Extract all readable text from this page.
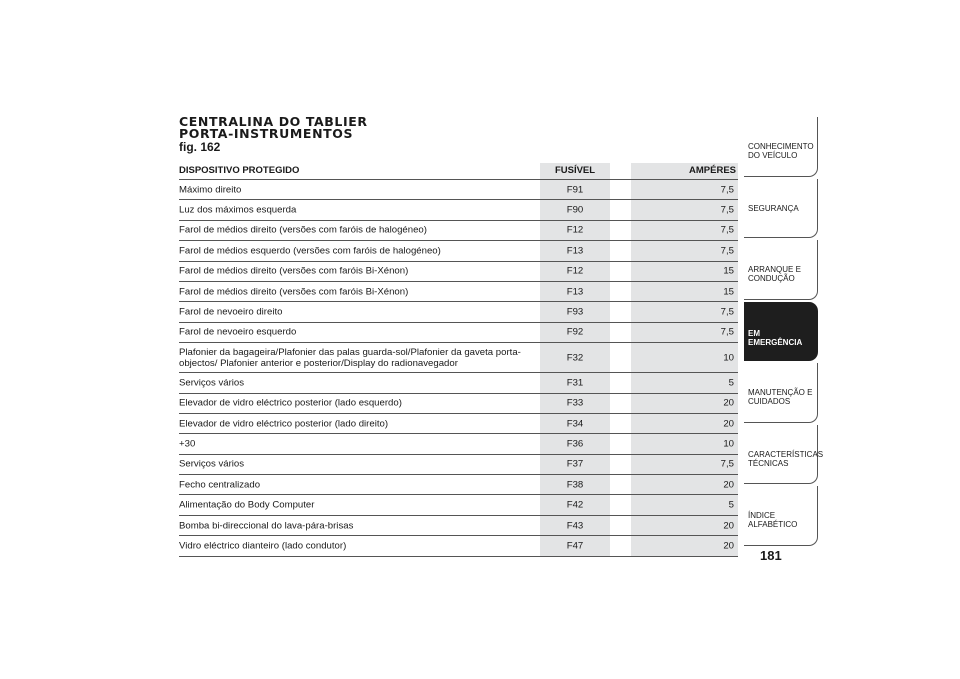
CENTRALINA DO TABLIER
PORTA-INSTRUMENTOS
fig. 162
DISPOSITIVO PROTEGIDO	FUSÍVEL	AMPÉRES
Máximo direito	F91	7,5
Luz dos máximos esquerda	F90	7,5
Farol de médios direito (versões com faróis de halogéneo)	F12	7,5
Farol de médios esquerdo (versões com faróis de halogéneo)	F13	7,5
Farol de médios direito (versões com faróis Bi-Xénon)	F12	15
Farol de médios direito (versões com faróis Bi-Xénon)	F13	15
Farol de nevoeiro direito	F93	7,5
Farol de nevoeiro esquerdo	F92	7,5
Plafonier da bagageira/Plafonier das palas guarda-sol/Plafonier da gaveta porta-objectos/ Plafonier anterior e posterior/Display do radionavegador	F32	10
Serviços vários	F31	5
Elevador de vidro eléctrico posterior (lado esquerdo)	F33	20
Elevador de vidro eléctrico posterior (lado direito)	F34	20
+30	F36	10
Serviços vários	F37	7,5
Fecho centralizado	F38	20
Alimentação do Body Computer	F42	5
Bomba bi-direccional do lava-pára-brisas	F43	20
Vidro eléctrico dianteiro (lado condutor)	F47	20
CONHECIMENTO DO VEÍCULO
SEGURANÇA
ARRANQUE E CONDUÇÃO
EM EMERGÊNCIA
MANUTENÇÃO E CUIDADOS
CARACTERÍSTICAS TÉCNICAS
ÍNDICE ALFABÉTICO
181
